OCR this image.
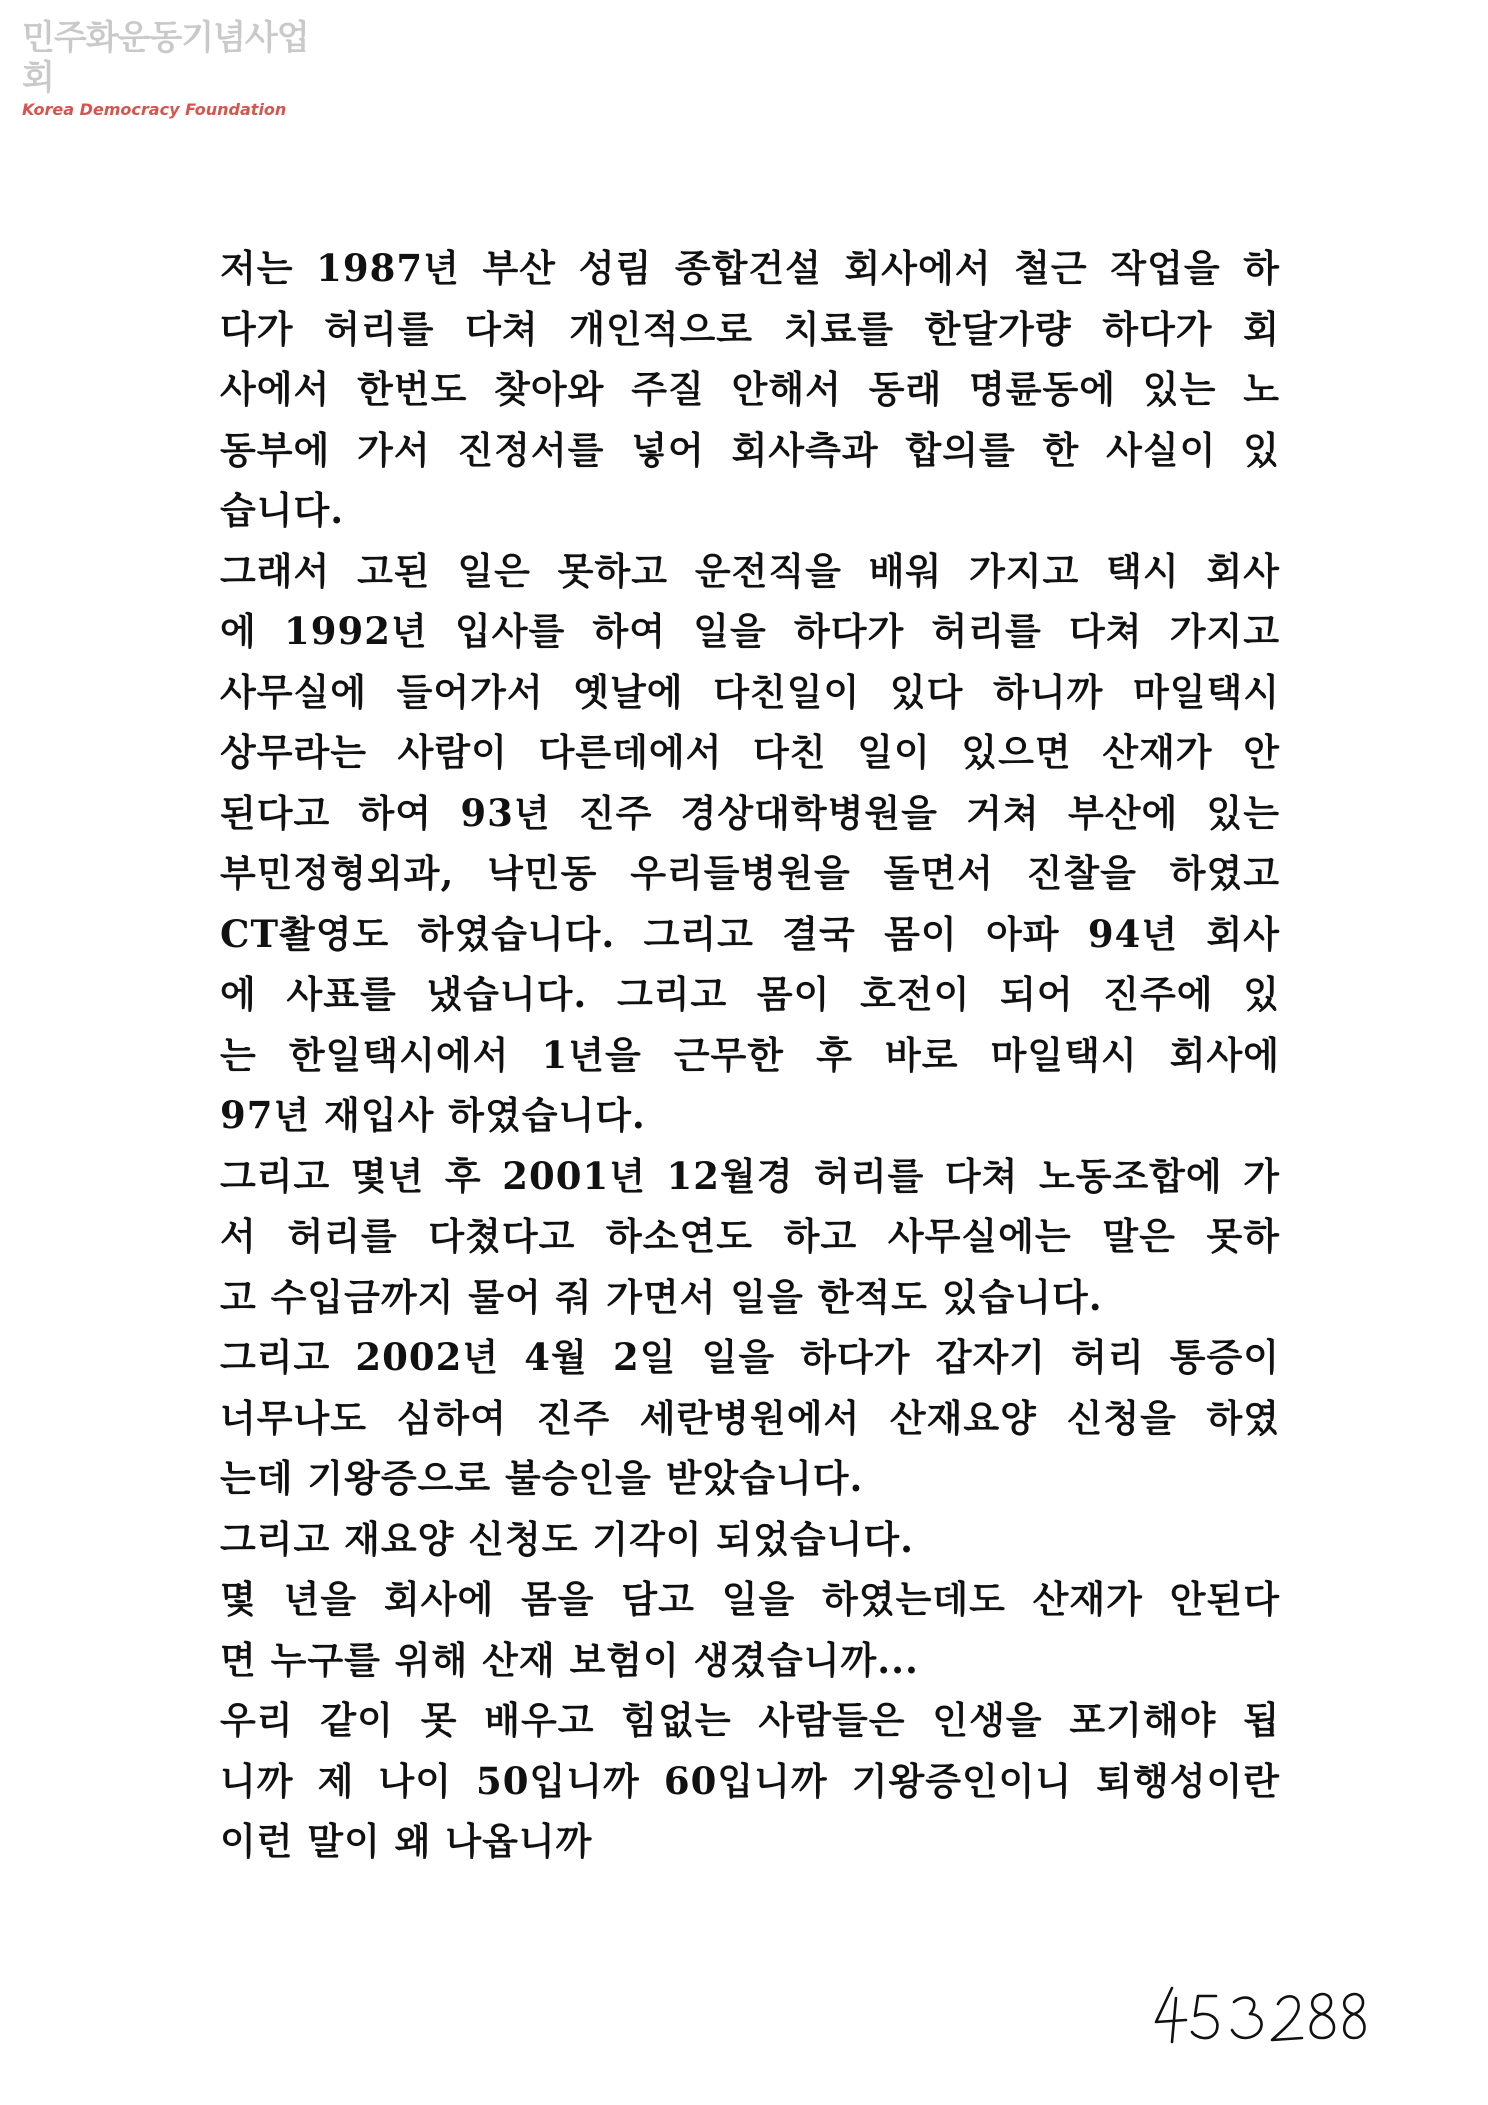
민주화운동기념사업회
Korea Democracy Foundation
저는 1987년 부산 성림 종합건설 회사에서 철근 작업을 하
다가 허리를 다쳐 개인적으로 치료를 한달가량 하다가 회
사에서 한번도 찾아와 주질 안해서 동래 명륜동에 있는 노
동부에 가서 진정서를 넣어 회사측과 합의를 한 사실이 있
습니다.
그래서 고된 일은 못하고 운전직을 배워 가지고 택시 회사
에 1992년 입사를 하여 일을 하다가 허리를 다쳐 가지고
사무실에 들어가서 옛날에 다친일이 있다 하니까 마일택시
상무라는 사람이 다른데에서 다친 일이 있으면 산재가 안
된다고 하여 93년 진주 경상대학병원을 거쳐 부산에 있는
부민정형외과, 낙민동 우리들병원을 돌면서 진찰을 하였고
CT촬영도 하였습니다. 그리고 결국 몸이 아파 94년 회사
에 사표를 냈습니다. 그리고 몸이 호전이 되어 진주에 있
는 한일택시에서 1년을 근무한 후 바로 마일택시 회사에
97년 재입사 하였습니다.
그리고 몇년 후 2001년 12월경 허리를 다쳐 노동조합에 가
서 허리를 다쳤다고 하소연도 하고 사무실에는 말은 못하
고 수입금까지 물어 줘 가면서 일을 한적도 있습니다.
그리고 2002년 4월 2일 일을 하다가 갑자기 허리 통증이
너무나도 심하여 진주 세란병원에서 산재요양 신청을 하였
는데 기왕증으로 불승인을 받았습니다.
그리고 재요양 신청도 기각이 되었습니다.
몇 년을 회사에 몸을 담고 일을 하였는데도 산재가 안된다
면 누구를 위해 산재 보험이 생겼습니까...
우리 같이 못 배우고 힘없는 사람들은 인생을 포기해야 됩
니까 제 나이 50입니까 60입니까 기왕증인이니 퇴행성이란
이런 말이 왜 나옵니까
